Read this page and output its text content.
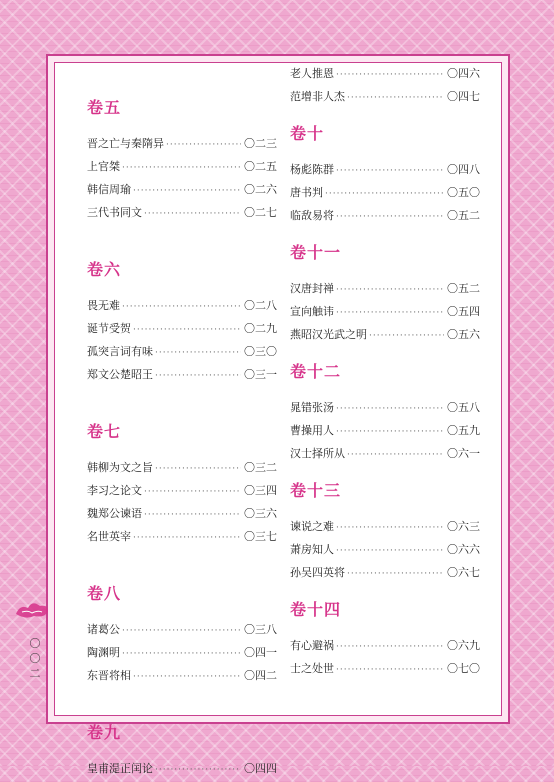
卷五
晋之亡与秦隋异 ·····	〇二三
上官桀 ·····	〇二五
韩信周瑜 ·····	〇二六
三代书同文 ·····	〇二七
卷六
畏无难 ·····	〇二八
诞节受贺 ·····	〇二九
孤突言词有味 ·····	〇三〇
郑文公楚昭王 ·····	〇三一
卷七
韩柳为文之旨 ·····	〇三二
李习之论文 ·····	〇三四
魏郑公谏语 ·····	〇三六
名世英宰 ·····	〇三七
卷八
诸葛公 ·····	〇三八
陶渊明 ·····	〇四一
东晋将相 ·····	〇四二
卷九
皇甫湜正闰论 ·····	〇四四
老人推恩 ·····	〇四六
范增非人杰 ·····	〇四七
卷十
杨彪陈群 ·····	〇四八
唐书判 ·····	〇五〇
临敌易将 ·····	〇五二
卷十一
汉唐封禅 ·····	〇五二
宣向触讳 ·····	〇五四
燕昭汉光武之明 ·····	〇五六
卷十二
晁错张汤 ·····	〇五八
曹操用人 ·····	〇五九
汉士择所从 ·····	〇六一
卷十三
谏说之难 ·····	〇六三
萧房知人 ·····	〇六六
孙吴四英将 ·····	〇六七
卷十四
有心避祸 ·····	〇六九
士之处世 ·····	〇七〇
〇
〇
二
